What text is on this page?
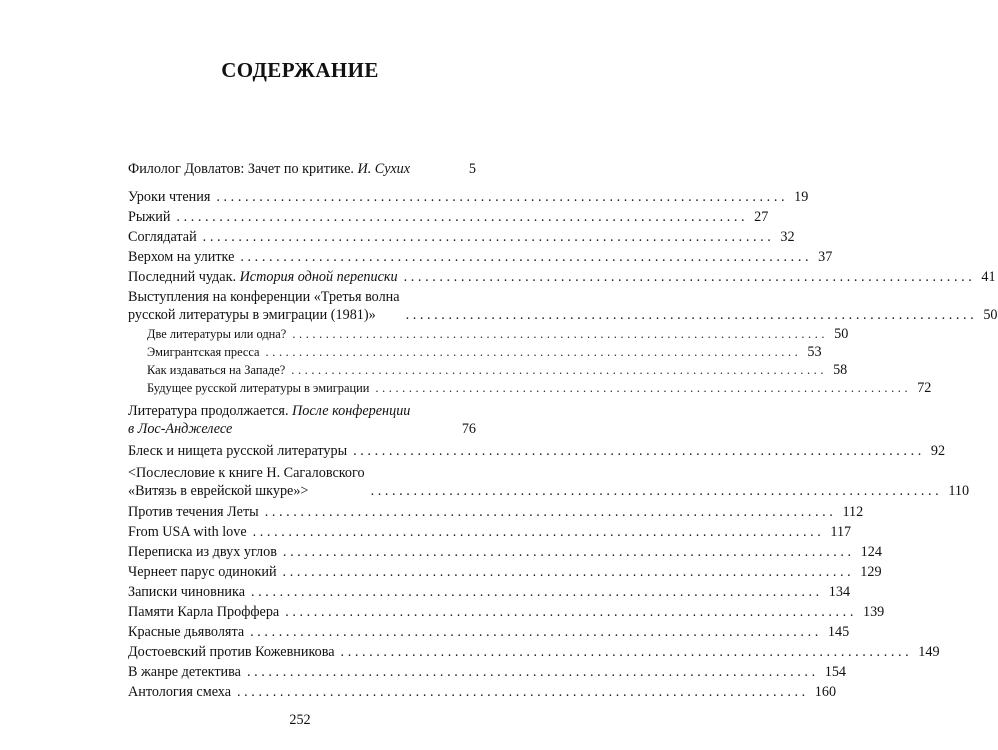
СОДЕРЖАНИЕ
Филолог Довлатов: Зачет по критике. И. Сухих	5
Уроки чтения ................................................................................ 19
Рыжий ................................................................................ 27
Соглядатай ................................................................................ 32
Верхом на улитке ................................................................................ 37
Последний чудак. История одной переписки ................................................................................ 41
Выступления на конференции «Третья волна
русской литературы в эмиграции (1981)»	................................................................................ 50
Две литературы или одна? ................................................................................ 50
Эмигрантская пресса ................................................................................ 53
Как издаваться на Западе? ................................................................................ 58
Будущее русской литературы в эмиграции ................................................................................ 72
Литература продолжается. После конференции
в Лос-Анджелесе	76
Блеск и нищета русской литературы ................................................................................ 92
<Послесловие к книге Н. Сагаловского
«Витязь в еврейской шкуре»>	................................................................................ 110
Против течения Леты ................................................................................ 112
From USA with love ................................................................................ 117
Переписка из двух углов ................................................................................ 124
Чернеет парус одинокий ................................................................................ 129
Записки чиновника ................................................................................ 134
Памяти Карла Проффера ................................................................................ 139
Красные дьяволята ................................................................................ 145
Достоевский против Кожевникова ................................................................................ 149
В жанре детектива ................................................................................ 154
Антология смеха ................................................................................ 160
252
